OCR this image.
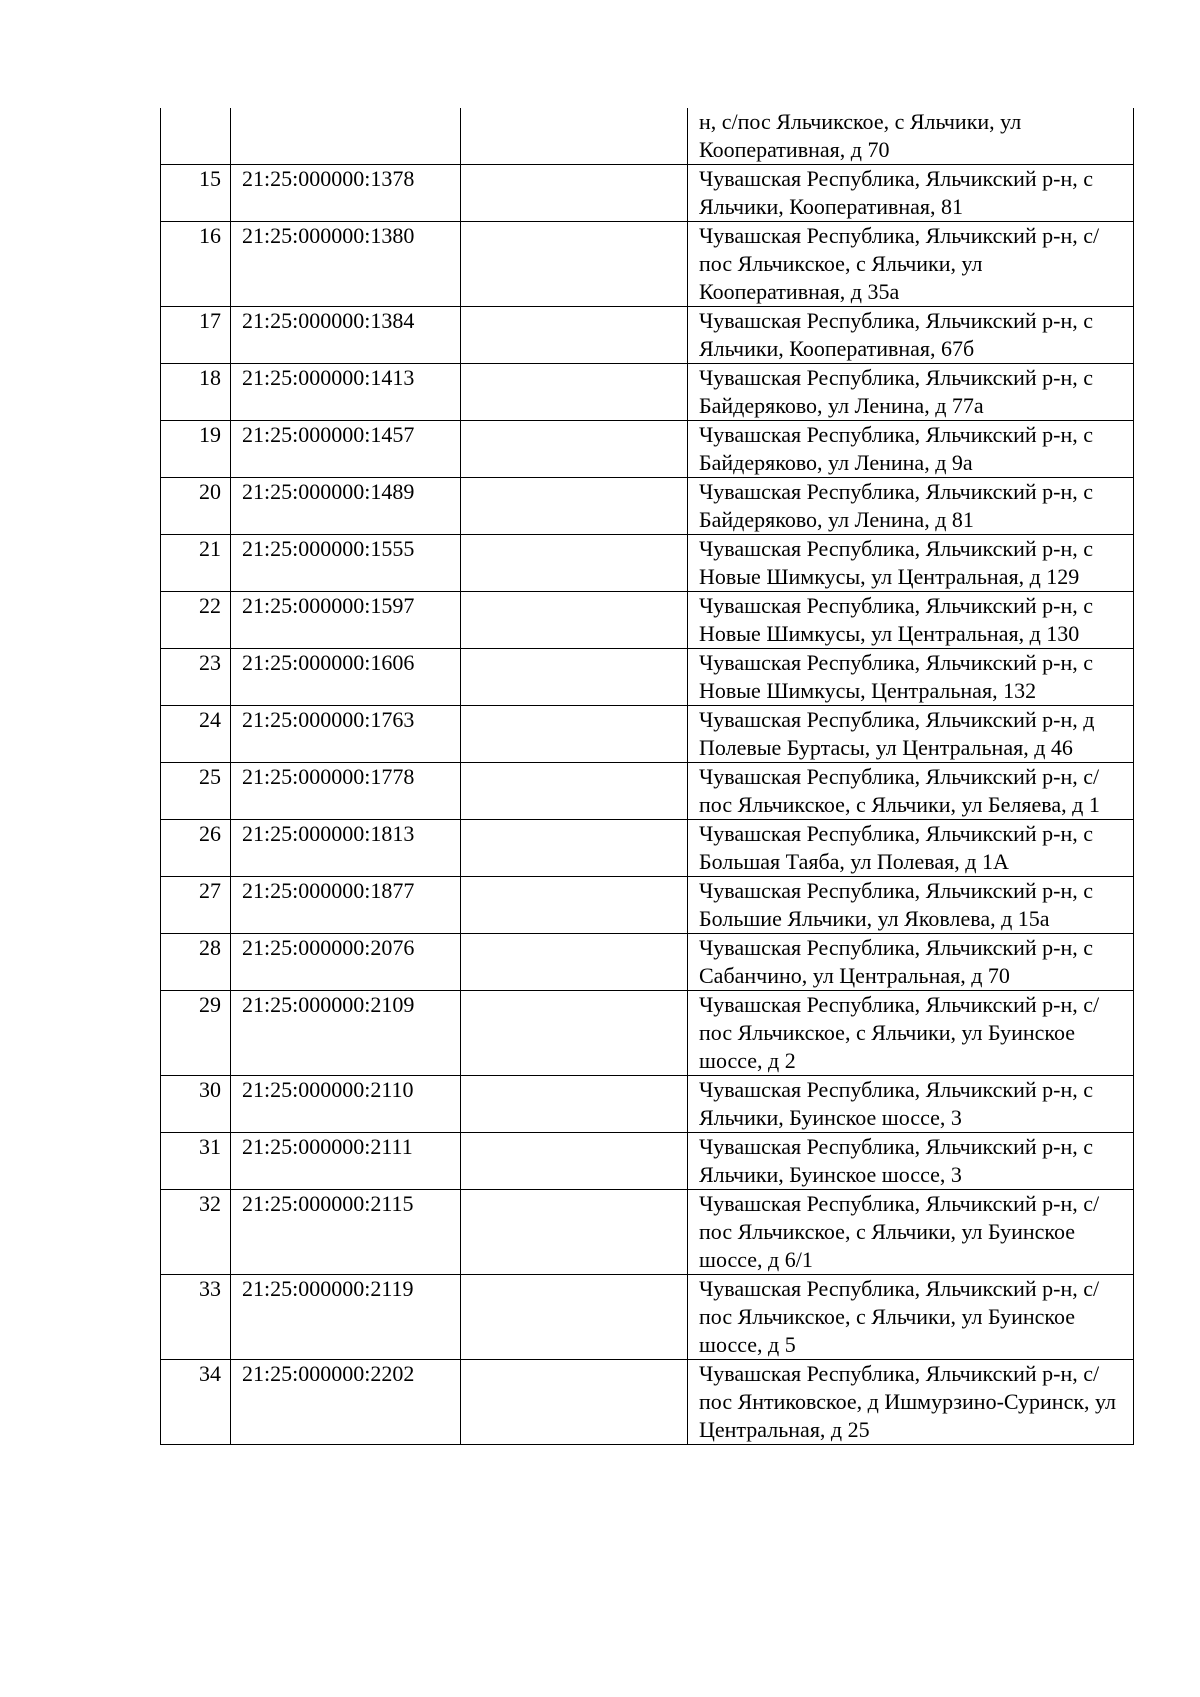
			н, с/пос Яльчикское, с Яльчики, ул Кооперативная, д 70
15	21:25:000000:1378		Чувашская Республика, Яльчикский р-н, с Яльчики, Кооперативная, 81
16	21:25:000000:1380		Чувашская Республика, Яльчикский р-н, с/пос Яльчикское, с Яльчики, ул Кооперативная, д 35а
17	21:25:000000:1384		Чувашская Республика, Яльчикский р-н, с Яльчики, Кооперативная, 67б
18	21:25:000000:1413		Чувашская Республика, Яльчикский р-н, с Байдеряково, ул Ленина, д 77а
19	21:25:000000:1457		Чувашская Республика, Яльчикский р-н, с Байдеряково, ул Ленина, д 9а
20	21:25:000000:1489		Чувашская Республика, Яльчикский р-н, с Байдеряково, ул Ленина, д 81
21	21:25:000000:1555		Чувашская Республика, Яльчикский р-н, с Новые Шимкусы, ул Центральная, д 129
22	21:25:000000:1597		Чувашская Республика, Яльчикский р-н, с Новые Шимкусы, ул Центральная, д 130
23	21:25:000000:1606		Чувашская Республика, Яльчикский р-н, с Новые Шимкусы, Центральная, 132
24	21:25:000000:1763		Чувашская Республика, Яльчикский р-н, д Полевые Буртасы, ул Центральная, д 46
25	21:25:000000:1778		Чувашская Республика, Яльчикский р-н, с/пос Яльчикское, с Яльчики, ул Беляева, д 1
26	21:25:000000:1813		Чувашская Республика, Яльчикский р-н, с Большая Таяба, ул Полевая, д 1А
27	21:25:000000:1877		Чувашская Республика, Яльчикский р-н, с Большие Яльчики, ул Яковлева, д 15а
28	21:25:000000:2076		Чувашская Республика, Яльчикский р-н, с Сабанчино, ул Центральная, д 70
29	21:25:000000:2109		Чувашская Республика, Яльчикский р-н, с/пос Яльчикское, с Яльчики, ул Буинское шоссе, д 2
30	21:25:000000:2110		Чувашская Республика, Яльчикский р-н, с Яльчики, Буинское шоссе, 3
31	21:25:000000:2111		Чувашская Республика, Яльчикский р-н, с Яльчики, Буинское шоссе, 3
32	21:25:000000:2115		Чувашская Республика, Яльчикский р-н, с/пос Яльчикское, с Яльчики, ул Буинское шоссе, д 6/1
33	21:25:000000:2119		Чувашская Республика, Яльчикский р-н, с/пос Яльчикское, с Яльчики, ул Буинское шоссе, д 5
34	21:25:000000:2202		Чувашская Республика, Яльчикский р-н, с/пос Янтиковское, д Ишмурзино-Суринск, ул Центральная, д 25
